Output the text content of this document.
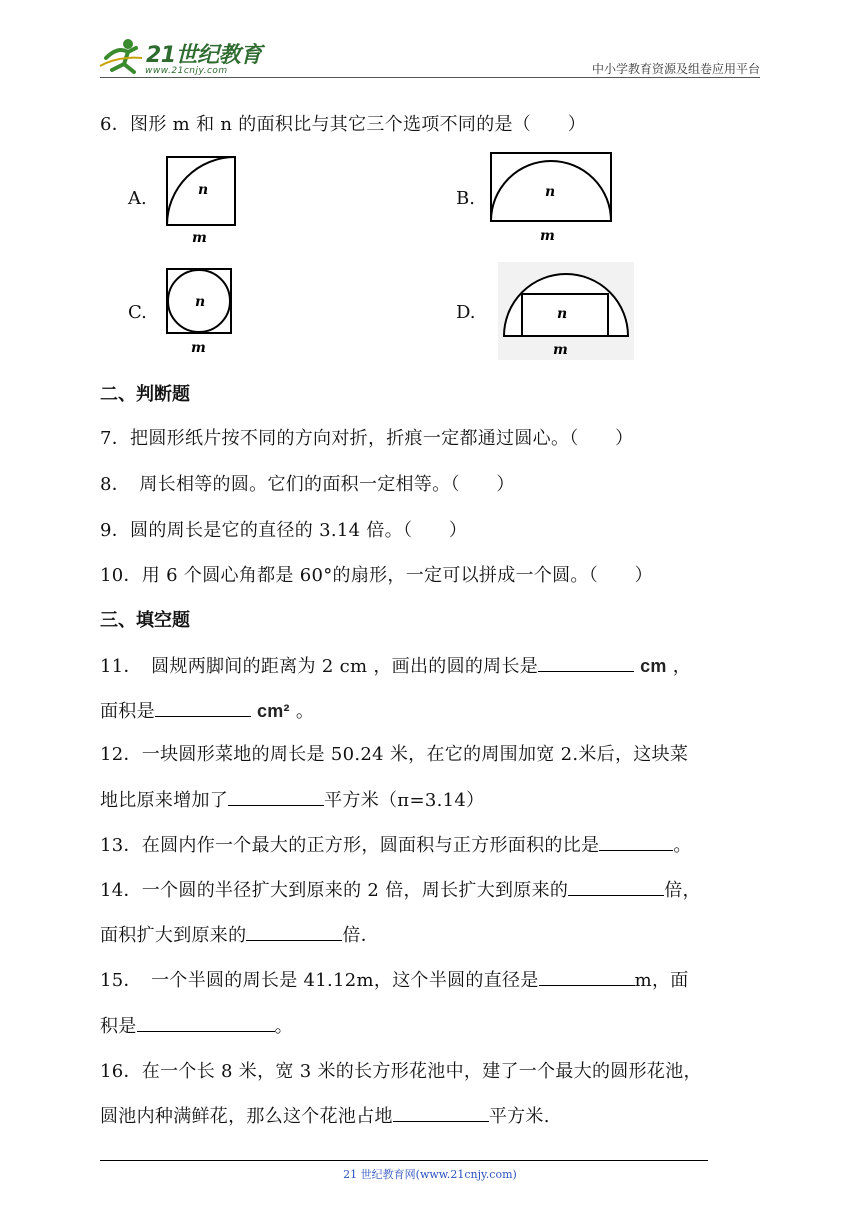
21世纪教育
www.21cnjy.com	中小学教育资源及组卷应用平台
6．图形 m 和 n 的面积比与其它三个选项不同的是（　　）
A.	n
m
B.	n
m
C.	n
m
D.	n
m
二、判断题
7．把圆形纸片按不同的方向对折，折痕一定都通过圆心。（　　）
8．　周长相等的圆。它们的面积一定相等。（　　）
9．圆的周长是它的直径的 3.14 倍。（　　）
10．用 6 个圆心角都是 60°的扇形，一定可以拼成一个圆。（　　）
三、填空题
11．　圆规两脚间的距离为 2 cm ，画出的圆的周长是	cm ，
面积是	cm² 。
12．一块圆形菜地的周长是 50.24 米，在它的周围加宽 2.米后，这块菜
地比原来增加了	平方米（π=3.14）
13．在圆内作一个最大的正方形，圆面积与正方形面积的比是	。
14．一个圆的半径扩大到原来的 2 倍，周长扩大到原来的	倍，
面积扩大到原来的	倍．
15．　一个半圆的周长是 41.12m，这个半圆的直径是	m，面
积是	。
16．在一个长 8 米，宽 3 米的长方形花池中，建了一个最大的圆形花池，
圆池内种满鲜花，那么这个花池占地	平方米.
21 世纪教育网(www.21cnjy.com)
